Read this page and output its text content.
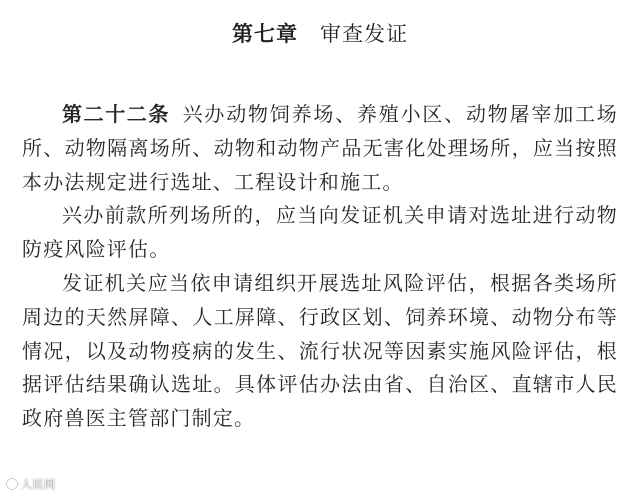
第七章 审查发证

第二十二条 兴办动物饲养场、养殖小区、动物屠宰加工场所、动物隔离场所、动物和动物产品无害化处理场所，应当按照本办法规定进行选址、工程设计和施工。

兴办前款所列场所的，应当向发证机关申请对选址进行动物防疫风险评估。

发证机关应当依申请组织开展选址风险评估，根据各类场所周边的天然屏障、人工屏障、行政区划、饲养环境、动物分布等情况，以及动物疫病的发生、流行状况等因素实施风险评估，根据评估结果确认选址。具体评估办法由省、自治区、直辖市人民政府兽医主管部门制定。

人民网
